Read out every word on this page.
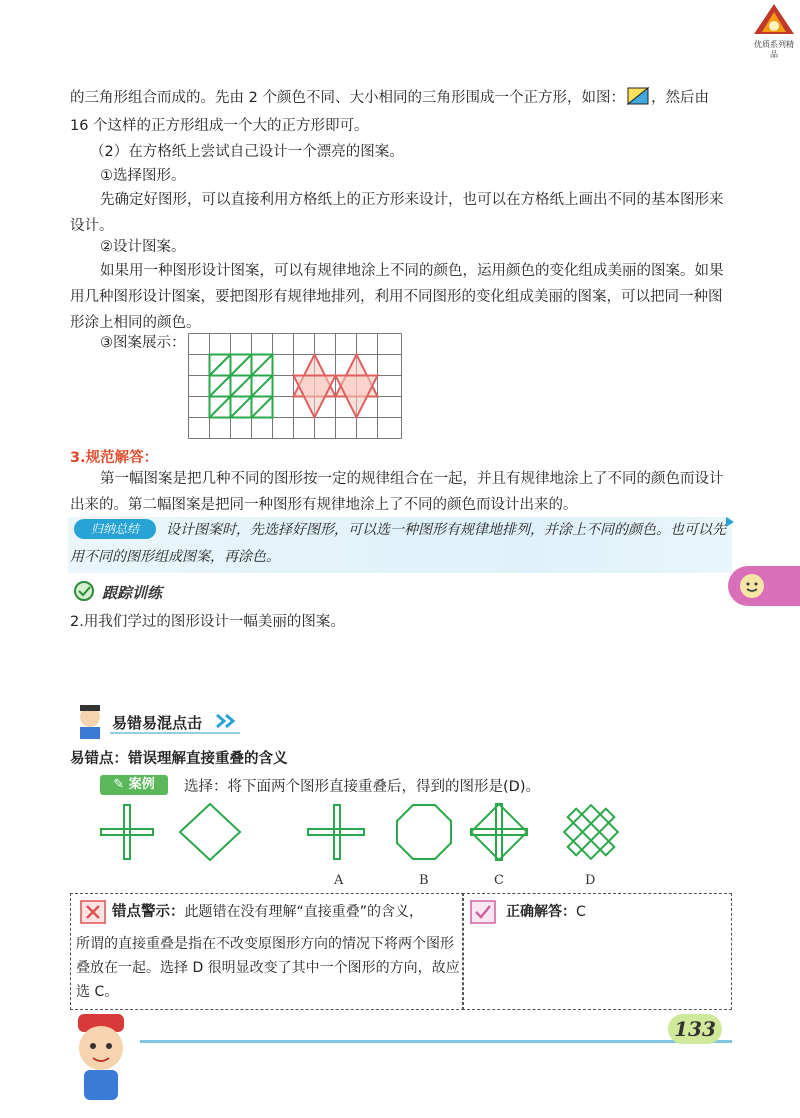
优质系列精品
的三角形组合而成的。先由 2 个颜色不同、大小相同的三角形围成一个正方形，如图： ，然后由
16 个这样的正方形组成一个大的正方形即可。
（2）在方格纸上尝试自己设计一个漂亮的图案。
①选择图形。
先确定好图形，可以直接利用方格纸上的正方形来设计，也可以在方格纸上画出不同的基本图形来设计。
②设计图案。
如果用一种图形设计图案，可以有规律地涂上不同的颜色，运用颜色的变化组成美丽的图案。如果用几种图形设计图案，要把图形有规律地排列，利用不同图形的变化组成美丽的图案，可以把同一种图形涂上相同的颜色。
③图案展示：
3.规范解答：
第一幅图案是把几种不同的图形按一定的规律组合在一起，并且有规律地涂上了不同的颜色而设计出来的。第二幅图案是把同一种图形有规律地涂上了不同的颜色而设计出来的。
设计图案时，先选择好图形，可以选一种图形有规律地排列，并涂上不同的颜色。也可以先用不同的图形组成图案，再涂色。
归纳总结
跟踪训练
2.用我们学过的图形设计一幅美丽的图案。
易错易混点击
易错点：错误理解直接重叠的含义
✎ 案例	选择：将下面两个图形直接重叠后，得到的图形是(D)。
A	B	C	D
错点警示：此题错在没有理解“直接重叠”的含义，
所谓的直接重叠是指在不改变原图形方向的情况下将两个图形叠放在一起。选择 D 很明显改变了其中一个图形的方向，故应选 C。
正确解答：C
133
